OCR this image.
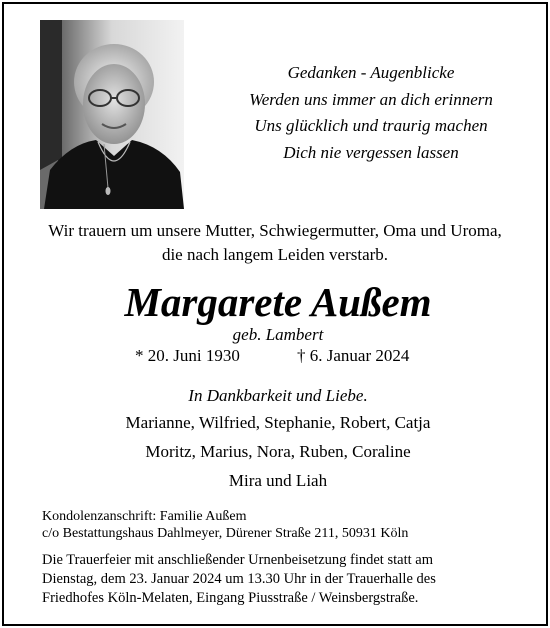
Gedanken - Augenblicke
Werden uns immer an dich erinnern
Uns glücklich und traurig machen
Dich nie vergessen lassen
Wir trauern um unsere Mutter, Schwiegermutter, Oma und Uroma, die nach langem Leiden verstarb.
Margarete Außem
geb. Lambert
* 20. Juni 1930	† 6. Januar 2024
In Dankbarkeit und Liebe.
Marianne, Wilfried, Stephanie, Robert, Catja
Moritz, Marius, Nora, Ruben, Coraline
Mira und Liah
Kondolenzanschrift: Familie Außem
c/o Bestattungshaus Dahlmeyer, Dürener Straße 211, 50931 Köln
Die Trauerfeier mit anschließender Urnenbeisetzung findet statt am
Dienstag, dem 23. Januar 2024 um 13.30 Uhr in der Trauerhalle des
Friedhofes Köln-Melaten, Eingang Piusstraße / Weinsbergstraße.
